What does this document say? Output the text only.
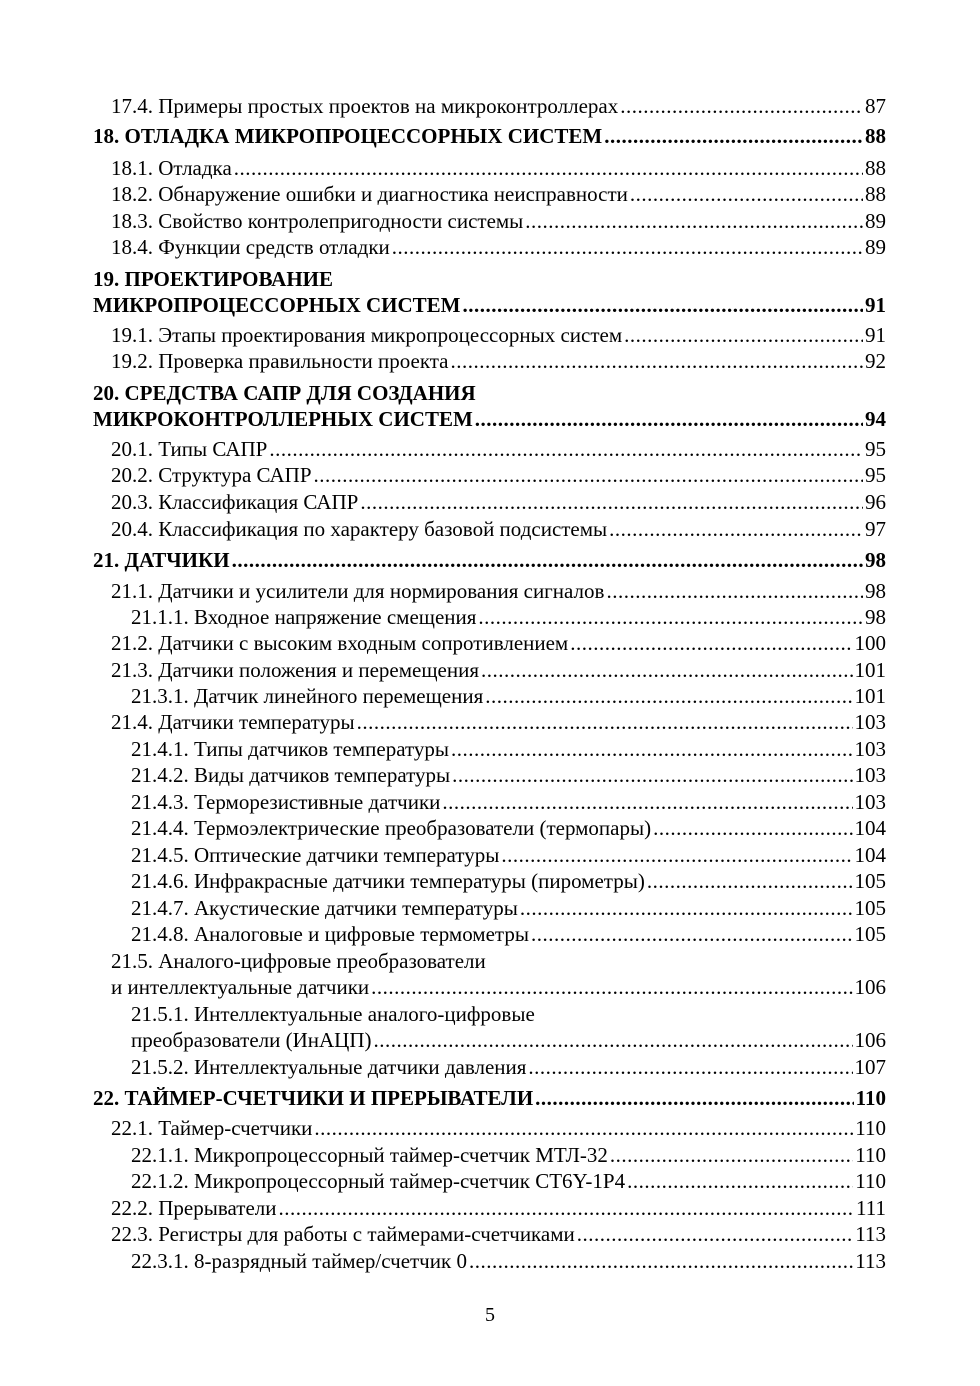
17.4. Примеры простых проектов на микроконтроллерах .....	87
18. ОТЛАДКА МИКРОПРОЦЕССОРНЫХ СИСТЕМ .....	88
18.1. Отладка .....	88
18.2. Обнаружение ошибки и диагностика неисправности .....	88
18.3. Свойство контролепригодности системы .....	89
18.4. Функции средств отладки .....	89
19. ПРОЕКТИРОВАНИЕ
МИКРОПРОЦЕССОРНЫХ СИСТЕМ .....	91
19.1. Этапы проектирования микропроцессорных систем .....	91
19.2. Проверка правильности проекта .....	92
20. СРЕДСТВА САПР ДЛЯ СОЗДАНИЯ
МИКРОКОНТРОЛЛЕРНЫХ СИСТЕМ .....	94
20.1. Типы САПР .....	95
20.2. Структура САПР .....	95
20.3. Классификация САПР .....	96
20.4. Классификация по характеру базовой подсистемы .....	97
21. ДАТЧИКИ .....	98
21.1. Датчики и усилители для нормирования сигналов .....	98
21.1.1. Входное напряжение смещения .....	98
21.2. Датчики с высоким входным сопротивлением .....	100
21.3. Датчики положения и перемещения .....	101
21.3.1. Датчик линейного перемещения .....	101
21.4. Датчики температуры .....	103
21.4.1. Типы датчиков температуры .....	103
21.4.2. Виды датчиков температуры .....	103
21.4.3. Терморезистивные датчики .....	103
21.4.4. Термоэлектрические преобразователи (термопары) .....	104
21.4.5. Оптические датчики температуры .....	104
21.4.6. Инфракрасные датчики температуры (пирометры) .....	105
21.4.7. Акустические датчики температуры .....	105
21.4.8. Аналоговые и цифровые термометры .....	105
21.5. Аналого-цифровые преобразователи
и интеллектуальные датчики .....	106
21.5.1. Интеллектуальные аналого-цифровые
преобразователи (ИнАЦП) .....	106
21.5.2. Интеллектуальные датчики давления .....	107
22. ТАЙМЕР-СЧЕТЧИКИ И ПРЕРЫВАТЕЛИ .....	110
22.1. Таймер-счетчики .....	110
22.1.1. Микропроцессорный таймер-счетчик МТЛ-32 .....	110
22.1.2. Микропроцессорный таймер-счетчик СТ6Y-1P4 .....	110
22.2. Прерыватели .....	111
22.3. Регистры для работы с таймерами-счетчиками .....	113
22.3.1. 8-разрядный таймер/счетчик 0 .....	113
5
